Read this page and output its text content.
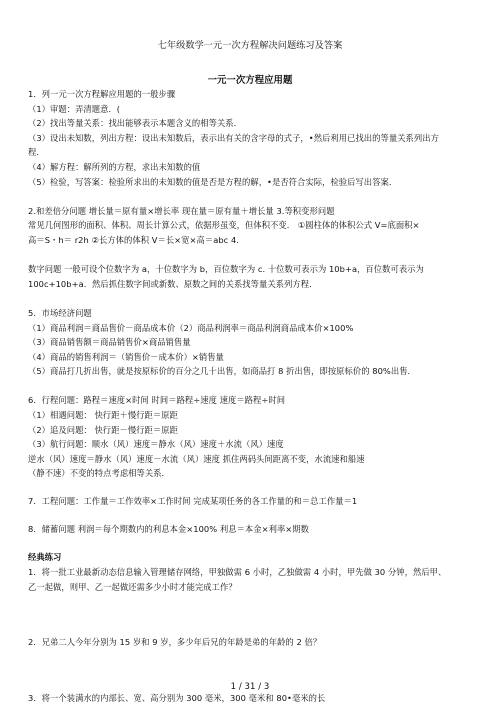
七年级数学一元一次方程解决问题练习及答案
一元一次方程应用题
1．列一元一次方程解应用题的一般步骤
（1）审题：弄清题意．(
（2）找出等量关系：找出能够表示本题含义的相等关系．
（3）设出未知数，列出方程：设出未知数后，表示出有关的含字母的式子，•然后利用已找出的等量关系列出方
程．
（4）解方程：解所列的方程，求出未知数的值
（5）检验，写答案：检验所求出的未知数的值是否是方程的解，•是否符合实际，检验后写出答案．
2.和差倍分问题 增长量＝原有量×增长率 现在量＝原有量＋增长量 3.等积变形问题
常见几何图形的面积、体积、周长计算公式，依据形虽变，但体积不变． ①圆柱体的体积公式 V=底面积×
高＝S・h＝ r2h ②长方体的体积 V＝长×宽×高＝abc 4.
数字问题 一般可设个位数字为 a，十位数字为 b，百位数字为 c. 十位数可表示为 10b+a，百位数可表示为
100c+10b+a．然后抓住数字间或新数、原数之间的关系找等量关系列方程．
5．市场经济问题
（1）商品利润＝商品售价－商品成本价（2）商品利润率＝商品利润商品成本价×100%
（3）商品销售额＝商品销售价×商品销售量
（4）商品的销售利润＝（销售价－成本价）×销售量
（5）商品打几折出售，就是按原标价的百分之几十出售，如商品打 8 折出售，即按原标价的 80%出售．
6．行程问题：路程＝速度×时间 时间＝路程÷速度 速度＝路程÷时间
（1）相遇问题： 快行距＋慢行距＝原距
（2）追及问题： 快行距－慢行距＝原距
（3）航行问题：顺水（风）速度＝静水（风）速度＋水流（风）速度
逆水（风）速度＝静水（风）速度－水流（风）速度 抓住两码头间距离不变，水流速和船速
（静不速）不变的特点考虑相等关系．
7．工程问题：工作量＝工作效率×工作时间 完成某项任务的各工作量的和＝总工作量＝1
8．储蓄问题 利润＝每个期数内的利息本金×100% 利息＝本金×利率×期数
经典练习
1．将一批工业最新动态信息输入管理储存网络，甲独做需 6 小时，乙独做需 4 小时，甲先做 30 分钟，然后甲、
乙一起做，则甲、乙一起做还需多少小时才能完成工作？
2．兄弟二人今年分别为 15 岁和 9 岁，多少年后兄的年龄是弟的年龄的 2 倍？
3．将一个装满水的内部长、宽、高分别为 300 毫米，300 毫米和 80•毫米的长
1 / 31 / 3
